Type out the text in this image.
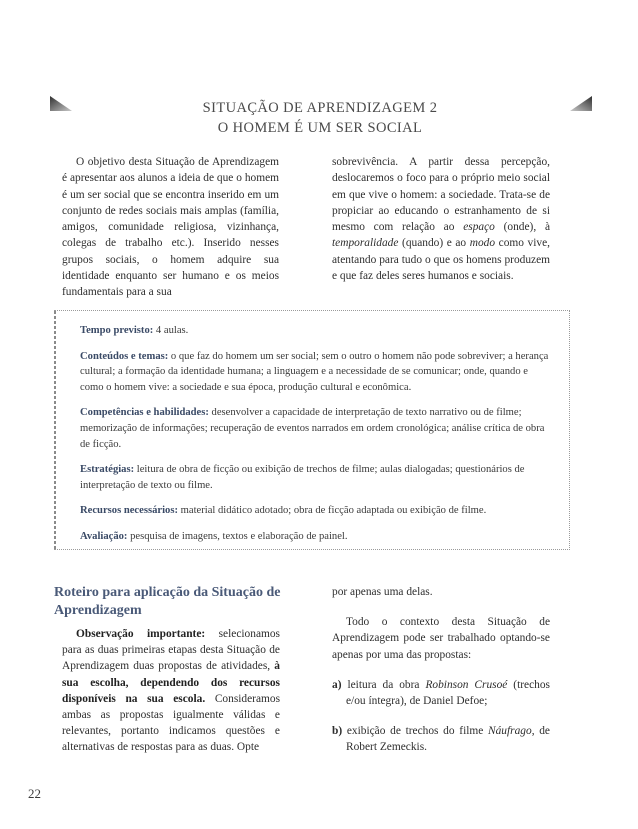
SITUAÇÃO DE APRENDIZAGEM 2
O HOMEM É UM SER SOCIAL
O objetivo desta Situação de Aprendizagem é apresentar aos alunos a ideia de que o homem é um ser social que se encontra inserido em um conjunto de redes sociais mais amplas (família, amigos, comunidade religiosa, vizinhança, colegas de trabalho etc.). Inserido nesses grupos sociais, o homem adquire sua identidade enquanto ser humano e os meios fundamentais para a sua
sobrevivência. A partir dessa percepção, deslocaremos o foco para o próprio meio social em que vive o homem: a sociedade. Trata-se de propiciar ao educando o estranhamento de si mesmo com relação ao espaço (onde), à temporalidade (quando) e ao modo como vive, atentando para tudo o que os homens produzem e que faz deles seres humanos e sociais.
Tempo previsto: 4 aulas.
Conteúdos e temas: o que faz do homem um ser social; sem o outro o homem não pode sobreviver; a herança cultural; a formação da identidade humana; a linguagem e a necessidade de se comunicar; onde, quando e como o homem vive: a sociedade e sua época, produção cultural e econômica.
Competências e habilidades: desenvolver a capacidade de interpretação de texto narrativo ou de filme; memorização de informações; recuperação de eventos narrados em ordem cronológica; análise crítica de obra de ficção.
Estratégias: leitura de obra de ficção ou exibição de trechos de filme; aulas dialogadas; questionários de interpretação de texto ou filme.
Recursos necessários: material didático adotado; obra de ficção adaptada ou exibição de filme.
Avaliação: pesquisa de imagens, textos e elaboração de painel.
Roteiro para aplicação da Situação de Aprendizagem
Observação importante: selecionamos para as duas primeiras etapas desta Situação de Aprendizagem duas propostas de atividades, à sua escolha, dependendo dos recursos disponíveis na sua escola. Consideramos ambas as propostas igualmente válidas e relevantes, portanto indicamos questões e alternativas de respostas para as duas. Opte
por apenas uma delas.
Todo o contexto desta Situação de Aprendizagem pode ser trabalhado optando-se apenas por uma das propostas:
a) leitura da obra Robinson Crusoé (trechos e/ou íntegra), de Daniel Defoe;
b) exibição de trechos do filme Náufrago, de Robert Zemeckis.
22
